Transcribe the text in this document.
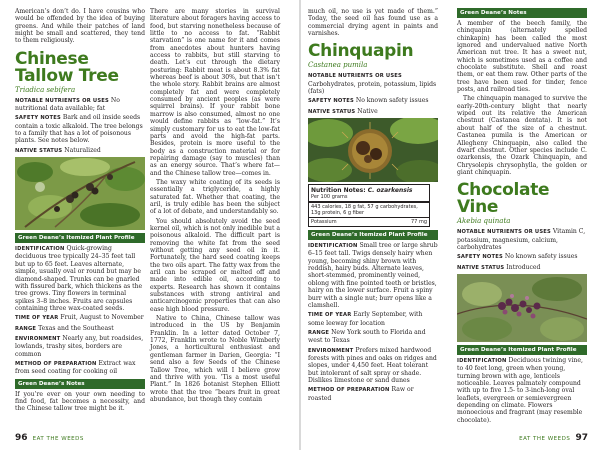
American’s don’t do. I have cousins who would be offended by the idea of buying greens. And while their patches of land might be small and scattered, they tend to them religiously.

Chinese Tallow Tree
Triadica sebifera

NOTABLE NUTRIENTS OR USES No nutritional data available; fat

SAFETY NOTES Bark and oil inside seeds contain a toxic alkaloid. The tree belongs to a family that has a lot of poisonous plants. See notes below.

NATIVE STATUS Naturalized

Green Deane’s Itemized Plant Profile

IDENTIFICATION Quick-growing deciduous tree typically 24–35 feet tall but up to 65 feet. Leaves alternate, simple, usually oval or round but may be diamond-shaped. Trunks can be gnarled with fissured bark, which thickens as the tree grows. Tiny flowers in terminal spikes 3–8 inches. Fruits are capsules containing three wax-coated seeds.

TIME OF YEAR Fruit, August to November

RANGE Texas and the Southeast

ENVIRONMENT Nearly any, but roadsides, lowlands, trashy sites, borders are common

METHOD OF PREPARATION Extract wax from seed coating for cooking oil

Green Deane’s Notes

If you’re ever on your own needing to find food, fat becomes a necessity, and the Chinese tallow tree might be it.

There are many stories in survival literature about foragers having access to food, but starving nonetheless because of little to no access to fat. “Rabbit starvation” is one name for it and comes from anecdotes about hunters having access to rabbits, but still starving to death. Let’s cut through the dietary posturing: Rabbit meat is about 8.3% fat whereas beef is about 30%, but that isn’t the whole story. Rabbit brains are almost completely fat and were completely consumed by ancient peoples (as were squirrel brains). If your rabbit bone marrow is also consumed, almost no one would define rabbits as “low-fat.” It’s simply customary for us to eat the low-fat parts and avoid the high-fat parts. Besides, protein is more useful to the body as a construction material or for repairing damage (say to muscles) than as an energy source. That’s where fat—and the Chinese tallow tree—comes in.

The waxy white coating of its seeds is essentially a triglyceride, a highly saturated fat. Whether that coating, the aril, is truly edible has been the subject of a lot of debate, and understandably so.

You should absolutely avoid the seed kernel oil, which is not only inedible but a poisonous alkaloid. The difficult part is removing the white fat from the seed without getting any seed oil in it. Fortunately, the hard seed coating keeps the two oils apart. The fatty wax from the aril can be scraped or melted off and made into edible oil, according to experts. Research has shown it contains substances with strong antiviral and anticarcinogenic properties that can also ease high blood pressure.

Native to China, Chinese tallow was introduced in the US by Benjamin Franklin. In a letter dated October 7, 1772, Franklin wrote to Noble Wimberly Jones, a horticultural enthusiast and gentleman farmer in Darien, Georgia: “I send also a few Seeds of the Chinese Tallow Tree, which will I believe grow and thrive with you. ’Tis a most useful Plant.” In 1826 botanist Stephen Elliott wrote that the tree “bears fruit in great abundance, but though they contain

96 EAT THE WEEDS

much oil, no use is yet made of them.” Today, the seed oil has found use as a commercial drying agent in paints and varnishes.

Chinquapin
Castanea pumila

NOTABLE NUTRIENTS OR USES Carbohydrates, protein, potassium, lipids (fats)

SAFETY NOTES No known safety issues

NATIVE STATUS Native

Nutrition Notes: C. ozarkensis
Per 100 grams
443 calories, 18 g fat, 57 g carbohydrates, 13g protein, 6 g fiber
Potassium	77 mg
Green Deane’s Itemized Plant Profile

IDENTIFICATION Small tree or large shrub 6–15 feet tall. Twigs densely hairy when young, becoming shiny brown with reddish, hairy buds. Alternate leaves, short-stemmed, prominently veined, oblong with fine pointed teeth or bristles, hairy on the lower surface. Fruit a spiny burr with a single nut; burr opens like a clamshell.

TIME OF YEAR Early September, with some leeway for location

RANGE New York south to Florida and west to Texas

ENVIRONMENT Prefers mixed hardwood forests with pines and oaks on ridges and slopes, under 4,450 feet. Heat tolerant but intolerant of salt spray or shade. Dislikes limestone or sand dunes

METHOD OF PREPARATION Raw or roasted

Green Deane’s Notes

A member of the beech family, the chinquapin (alternately spelled chinkapin) has been called the most ignored and undervalued native North American nut tree. It has a sweet nut, which is sometimes used as a coffee and chocolate substitute. Shell and roast them, or eat them raw. Other parts of the tree have been used for tinder, fence posts, and railroad ties.

The chinquapin managed to survive the early-20th-century blight that nearly wiped out its relative the American chestnut (Castanea dentata). It is not about half of the size of a chestnut. Castanea pumila is the American or Allegheny Chinquapin, also called the dwarf chestnut. Other species include C. ozarkensis, the Ozark Chinquapin, and Chrysolepis chrysophylla, the golden or giant chinquapin.

Chocolate Vine
Akebia quinata

NOTABLE NUTRIENTS OR USES Vitamin C, potassium, magnesium, calcium, carbohydrates

SAFETY NOTES No known safety issues

NATIVE STATUS Introduced

Green Deane’s Itemized Plant Profile

IDENTIFICATION Deciduous twining vine, to 40 feet long, green when young, turning brown with age, lenticels noticeable. Leaves palmately compound with up to five 1.5- to 3-inch-long oval leaflets, evergreen or semievergreen depending on climate. Flowers monoecious and fragrant (may resemble chocolate).

EAT THE WEEDS 97
